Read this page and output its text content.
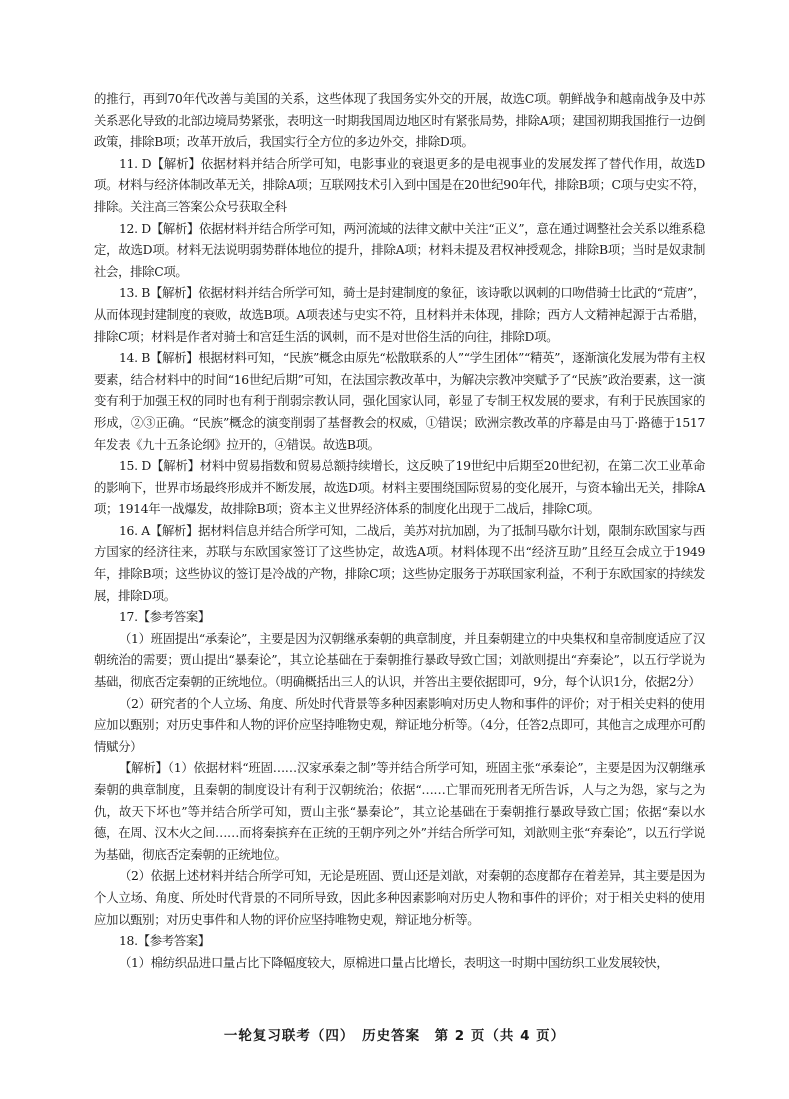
的推行，再到70年代改善与美国的关系，这些体现了我国务实外交的开展，故选C项。朝鲜战争和越南战争及中苏关系恶化导致的北部边境局势紧张，表明这一时期我国周边地区时有紧张局势，排除A项；建国初期我国推行一边倒政策，排除B项；改革开放后，我国实行全方位的多边外交，排除D项。

11. D【解析】依据材料并结合所学可知，电影事业的衰退更多的是电视事业的发展发挥了替代作用，故选D项。材料与经济体制改革无关，排除A项；互联网技术引入到中国是在20世纪90年代，排除B项；C项与史实不符，排除。关注高三答案公众号获取全科

12. D【解析】依据材料并结合所学可知，两河流域的法律文献中关注“正义”，意在通过调整社会关系以维系稳定，故选D项。材料无法说明弱势群体地位的提升，排除A项；材料未提及君权神授观念，排除B项；当时是奴隶制社会，排除C项。

13. B【解析】依据材料并结合所学可知，骑士是封建制度的象征，该诗歌以讽刺的口吻借骑士比武的“荒唐”，从而体现封建制度的衰败，故选B项。A项表述与史实不符，且材料并未体现，排除；西方人文精神起源于古希腊，排除C项；材料是作者对骑士和宫廷生活的讽刺，而不是对世俗生活的向往，排除D项。

14. B【解析】根据材料可知，“民族”概念由原先“松散联系的人”“学生团体”“精英”，逐渐演化发展为带有主权要素，结合材料中的时间“16世纪后期”可知，在法国宗教改革中，为解决宗教冲突赋予了“民族”政治要素，这一演变有利于加强王权的同时也有利于削弱宗教认同，强化国家认同，彰显了专制王权发展的要求，有利于民族国家的形成，②③正确。“民族”概念的演变削弱了基督教会的权威，①错误；欧洲宗教改革的序幕是由马丁·路德于1517年发表《九十五条论纲》拉开的，④错误。故选B项。

15. D【解析】材料中贸易指数和贸易总额持续增长，这反映了19世纪中后期至20世纪初，在第二次工业革命的影响下，世界市场最终形成并不断发展，故选D项。材料主要围绕国际贸易的变化展开，与资本输出无关，排除A项；1914年一战爆发，故排除B项；资本主义世界经济体系的制度化出现于二战后，排除C项。

16. A【解析】据材料信息并结合所学可知，二战后，美苏对抗加剧，为了抵制马歇尔计划，限制东欧国家与西方国家的经济往来，苏联与东欧国家签订了这些协定，故选A项。材料体现不出“经济互助”且经互会成立于1949年，排除B项；这些协议的签订是冷战的产物，排除C项；这些协定服务于苏联国家利益，不利于东欧国家的持续发展，排除D项。

17.【参考答案】

（1）班固提出“承秦论”，主要是因为汉朝继承秦朝的典章制度，并且秦朝建立的中央集权和皇帝制度适应了汉朝统治的需要；贾山提出“暴秦论”，其立论基础在于秦朝推行暴政导致亡国；刘歆则提出“弃秦论”，以五行学说为基础，彻底否定秦朝的正统地位。（明确概括出三人的认识，并答出主要依据即可，9分，每个认识1分，依据2分）

（2）研究者的个人立场、角度、所处时代背景等多种因素影响对历史人物和事件的评价；对于相关史料的使用应加以甄别；对历史事件和人物的评价应坚持唯物史观，辩证地分析等。（4分，任答2点即可，其他言之成理亦可酌情赋分）

【解析】（1）依据材料“班固……汉家承秦之制”等并结合所学可知，班固主张“承秦论”，主要是因为汉朝继承秦朝的典章制度，且秦朝的制度设计有利于汉朝统治；依据“……亡罪而死刑者无所告诉，人与之为怨，家与之为仇，故天下坏也”等并结合所学可知，贾山主张“暴秦论”，其立论基础在于秦朝推行暴政导致亡国；依据“秦以水德，在周、汉木火之间……而将秦摈弃在正统的王朝序列之外”并结合所学可知，刘歆则主张“弃秦论”，以五行学说为基础，彻底否定秦朝的正统地位。

（2）依据上述材料并结合所学可知，无论是班固、贾山还是刘歆，对秦朝的态度都存在着差异，其主要是因为个人立场、角度、所处时代背景的不同所导致，因此多种因素影响对历史人物和事件的评价；对于相关史料的使用应加以甄别；对历史事件和人物的评价应坚持唯物史观，辩证地分析等。

18.【参考答案】

（1）棉纺织品进口量占比下降幅度较大，原棉进口量占比增长，表明这一时期中国纺织工业发展较快，

一轮复习联考（四）　历史答案　第 2 页（共 4 页）
